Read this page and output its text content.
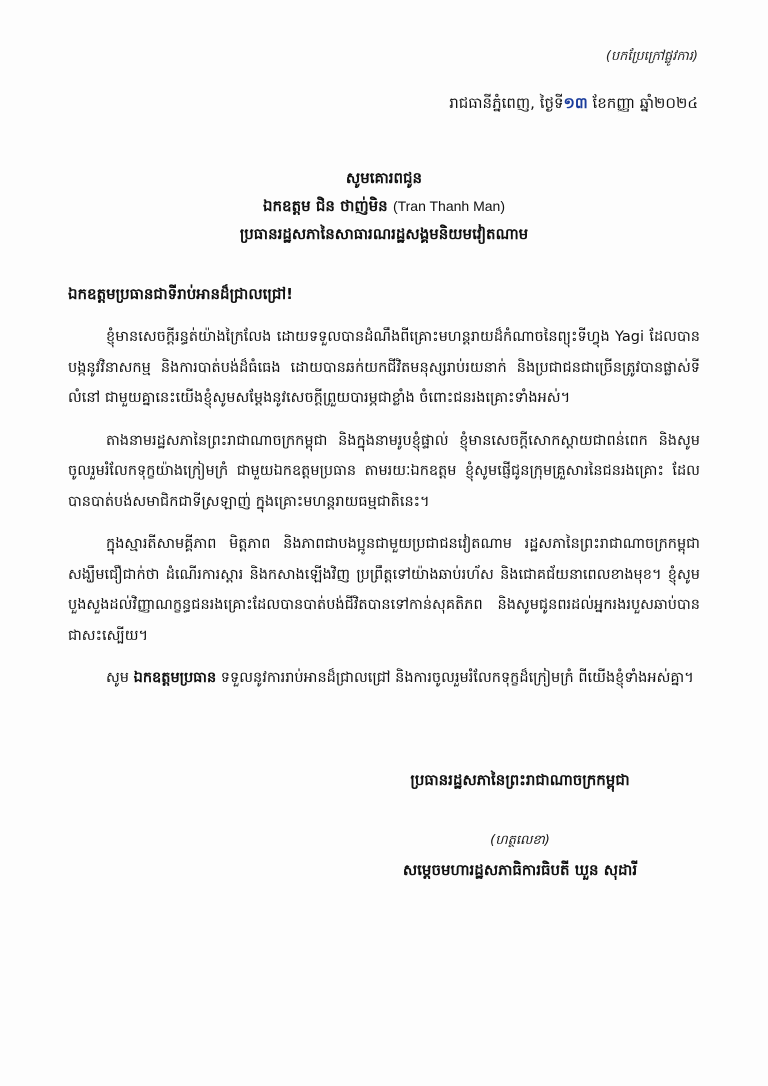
(បកប្រែក្រៅផ្លូវការ)
រាជធានីភ្នំពេញ, ថ្ងៃទី១៣ ខែកញ្ញា ឆ្នាំ២០២៤
សូមគោរពជូន
ឯកឧត្តម ជិន ថាញ់មិន (Tran Thanh Man)
ប្រធានរដ្ឋសភានៃសាធារណរដ្ឋសង្គមនិយមវៀតណាម
ឯកឧត្តមប្រធានជាទីរាប់អានដ៏ជ្រាលជ្រៅ!

ខ្ញុំមានសេចក្តីរន្ធត់យ៉ាងក្រៃលែង ដោយទទួលបានដំណឹងពីគ្រោះមហន្តរាយដ៏កំណាចនៃព្យុះទីហ្វុង Yagi ដែលបានបង្កនូវវិនាសកម្ម និងការបាត់បង់ដ៏ធំធេង ដោយបានឆក់យកជីវិតមនុស្សរាប់រយនាក់ និងប្រជាជនជាច្រើនត្រូវបានផ្លាស់ទីលំនៅ ជាមួយគ្នានេះយើងខ្ញុំសូមសម្តែងនូវសេចក្តីព្រួយបារម្ភជាខ្លាំង ចំពោះជនរងគ្រោះទាំងអស់។

តាងនាមរដ្ឋសភានៃព្រះរាជាណាចក្រកម្ពុជា និងក្នុងនាមរូបខ្ញុំផ្ទាល់ ខ្ញុំមានសេចក្តីសោកស្តាយជាពន់ពេក និងសូមចូលរួមរំលែកទុក្ខយ៉ាងក្រៀមក្រំ ជាមួយឯកឧត្តមប្រធាន តាមរយៈឯកឧត្តម ខ្ញុំសូមផ្ញើជូនក្រុមគ្រួសារនៃជនរងគ្រោះ ដែលបានបាត់បង់សមាជិកជាទីស្រឡាញ់ ក្នុងគ្រោះមហន្តរាយធម្មជាតិនេះ។

ក្នុងស្មារតីសាមគ្គីភាព មិត្តភាព និងភាពជាបងប្អូនជាមួយប្រជាជនវៀតណាម រដ្ឋសភានៃព្រះរាជាណាចក្រកម្ពុជាសង្ឃឹមជឿជាក់ថា ដំណើរការស្តារ និងកសាងឡើងវិញ ប្រព្រឹត្តទៅយ៉ាងឆាប់រហ័ស និងជោគជ័យនាពេលខាងមុខ។ ខ្ញុំសូមបួងសួងដល់វិញ្ញាណក្ខន្ធជនរងគ្រោះដែលបានបាត់បង់ជីវិតបានទៅកាន់សុគតិភព និងសូមជូនពរដល់អ្នករងរបួសឆាប់បានជាសះស្បើយ។

សូម ឯកឧត្តមប្រធាន ទទួលនូវការរាប់អានដ៏ជ្រាលជ្រៅ និងការចូលរួមរំលែកទុក្ខដ៏ក្រៀមក្រំ ពីយើងខ្ញុំទាំងអស់គ្នា។

ប្រធានរដ្ឋសភានៃព្រះរាជាណាចក្រកម្ពុជា
(ហត្ថលេខា)
សម្តេចមហារដ្ឋសភាធិការធិបតី ឃួន សុដារី
